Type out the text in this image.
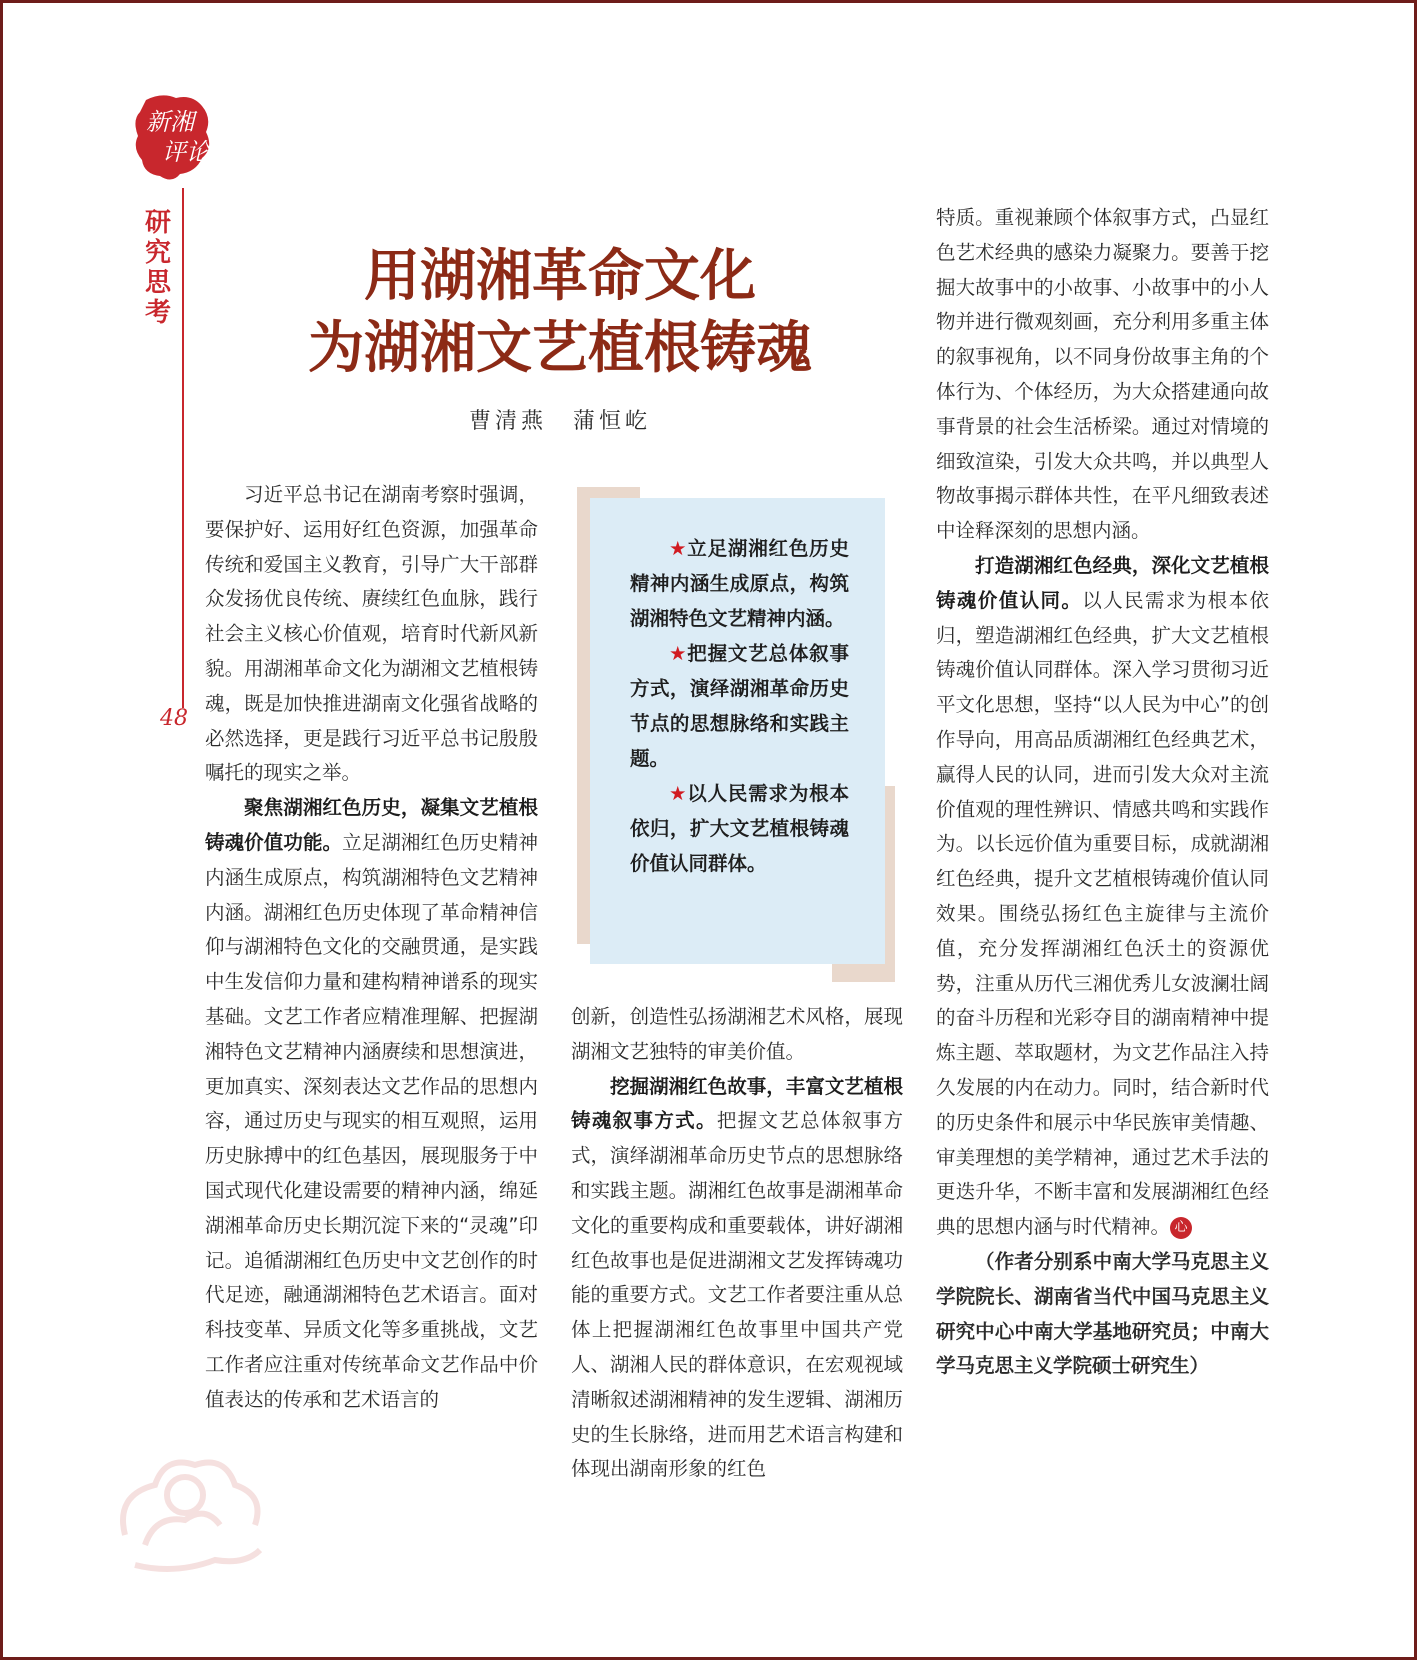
新湘
评论
研究思考
48
用湖湘革命文化
为湖湘文艺植根铸魂
曹清燕　蒲恒屹

习近平总书记在湖南考察时强调，要保护好、运用好红色资源，加强革命传统和爱国主义教育，引导广大干部群众发扬优良传统、赓续红色血脉，践行社会主义核心价值观，培育时代新风新貌。用湖湘革命文化为湖湘文艺植根铸魂，既是加快推进湖南文化强省战略的必然选择，更是践行习近平总书记殷殷嘱托的现实之举。

聚焦湖湘红色历史，凝集文艺植根铸魂价值功能。立足湖湘红色历史精神内涵生成原点，构筑湖湘特色文艺精神内涵。湖湘红色历史体现了革命精神信仰与湖湘特色文化的交融贯通，是实践中生发信仰力量和建构精神谱系的现实基础。文艺工作者应精准理解、把握湖湘特色文艺精神内涵赓续和思想演进，更加真实、深刻表达文艺作品的思想内容，通过历史与现实的相互观照，运用历史脉搏中的红色基因，展现服务于中国式现代化建设需要的精神内涵，绵延湖湘革命历史长期沉淀下来的“灵魂”印记。追循湖湘红色历史中文艺创作的时代足迹，融通湖湘特色艺术语言。面对科技变革、异质文化等多重挑战，文艺工作者应注重对传统革命文艺作品中价值表达的传承和艺术语言的

★立足湖湘红色历史精神内涵生成原点，构筑湖湘特色文艺精神内涵。

★把握文艺总体叙事方式，演绎湖湘革命历史节点的思想脉络和实践主题。

★以人民需求为根本依归，扩大文艺植根铸魂价值认同群体。

创新，创造性弘扬湖湘艺术风格，展现湖湘文艺独特的审美价值。

挖掘湖湘红色故事，丰富文艺植根铸魂叙事方式。把握文艺总体叙事方式，演绎湖湘革命历史节点的思想脉络和实践主题。湖湘红色故事是湖湘革命文化的重要构成和重要载体，讲好湖湘红色故事也是促进湖湘文艺发挥铸魂功能的重要方式。文艺工作者要注重从总体上把握湖湘红色故事里中国共产党人、湖湘人民的群体意识，在宏观视域清晰叙述湖湘精神的发生逻辑、湖湘历史的生长脉络，进而用艺术语言构建和体现出湖南形象的红色

特质。重视兼顾个体叙事方式，凸显红色艺术经典的感染力凝聚力。要善于挖掘大故事中的小故事、小故事中的小人物并进行微观刻画，充分利用多重主体的叙事视角，以不同身份故事主角的个体行为、个体经历，为大众搭建通向故事背景的社会生活桥梁。通过对情境的细致渲染，引发大众共鸣，并以典型人物故事揭示群体共性，在平凡细致表述中诠释深刻的思想内涵。

打造湖湘红色经典，深化文艺植根铸魂价值认同。以人民需求为根本依归，塑造湖湘红色经典，扩大文艺植根铸魂价值认同群体。深入学习贯彻习近平文化思想，坚持“以人民为中心”的创作导向，用高品质湖湘红色经典艺术，赢得人民的认同，进而引发大众对主流价值观的理性辨识、情感共鸣和实践作为。以长远价值为重要目标，成就湖湘红色经典，提升文艺植根铸魂价值认同效果。围绕弘扬红色主旋律与主流价值，充分发挥湖湘红色沃土的资源优势，注重从历代三湘优秀儿女波澜壮阔的奋斗历程和光彩夺目的湖南精神中提炼主题、萃取题材，为文艺作品注入持久发展的内在动力。同时，结合新时代的历史条件和展示中华民族审美情趣、审美理想的美学精神，通过艺术手法的更迭升华，不断丰富和发展湖湘红色经典的思想内涵与时代精神。 心

（作者分别系中南大学马克思主义学院院长、湖南省当代中国马克思主义研究中心中南大学基地研究员；中南大学马克思主义学院硕士研究生）
